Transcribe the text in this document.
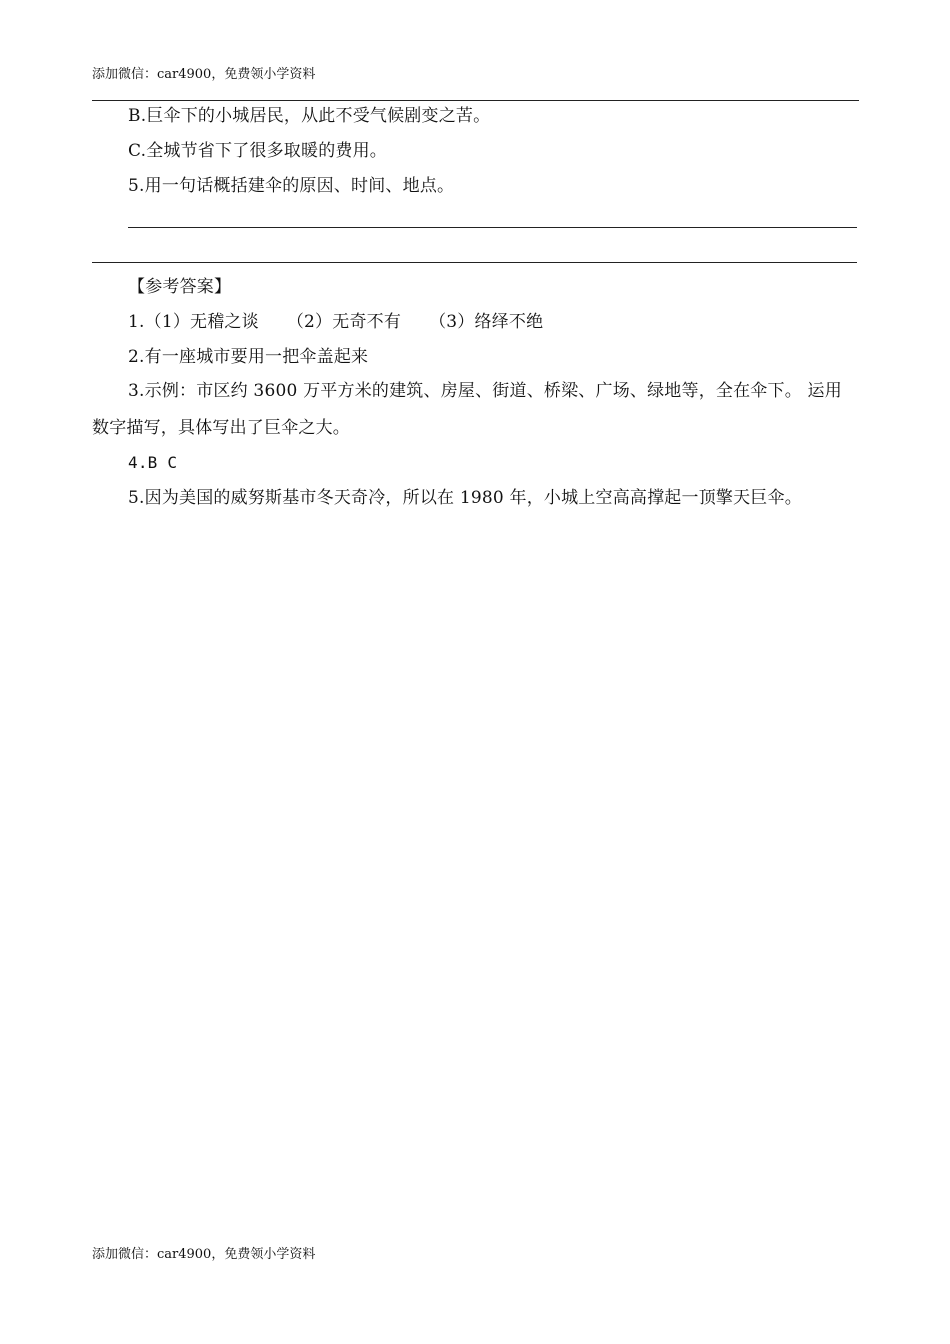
添加微信：car4900，免费领小学资料
B.巨伞下的小城居民，从此不受气候剧变之苦。
C.全城节省下了很多取暖的费用。
5.用一句话概括建伞的原因、时间、地点。
【参考答案】
1.（1）无稽之谈 （2）无奇不有 （3）络绎不绝
2.有一座城市要用一把伞盖起来
3.示例：市区约 3600 万平方米的建筑、房屋、街道、桥梁、广场、绿地等，全在伞下。 运用
数字描写，具体写出了巨伞之大。
4.B C
5.因为美国的威努斯基市冬天奇冷，所以在 1980 年，小城上空高高撑起一顶擎天巨伞。
添加微信：car4900，免费领小学资料
